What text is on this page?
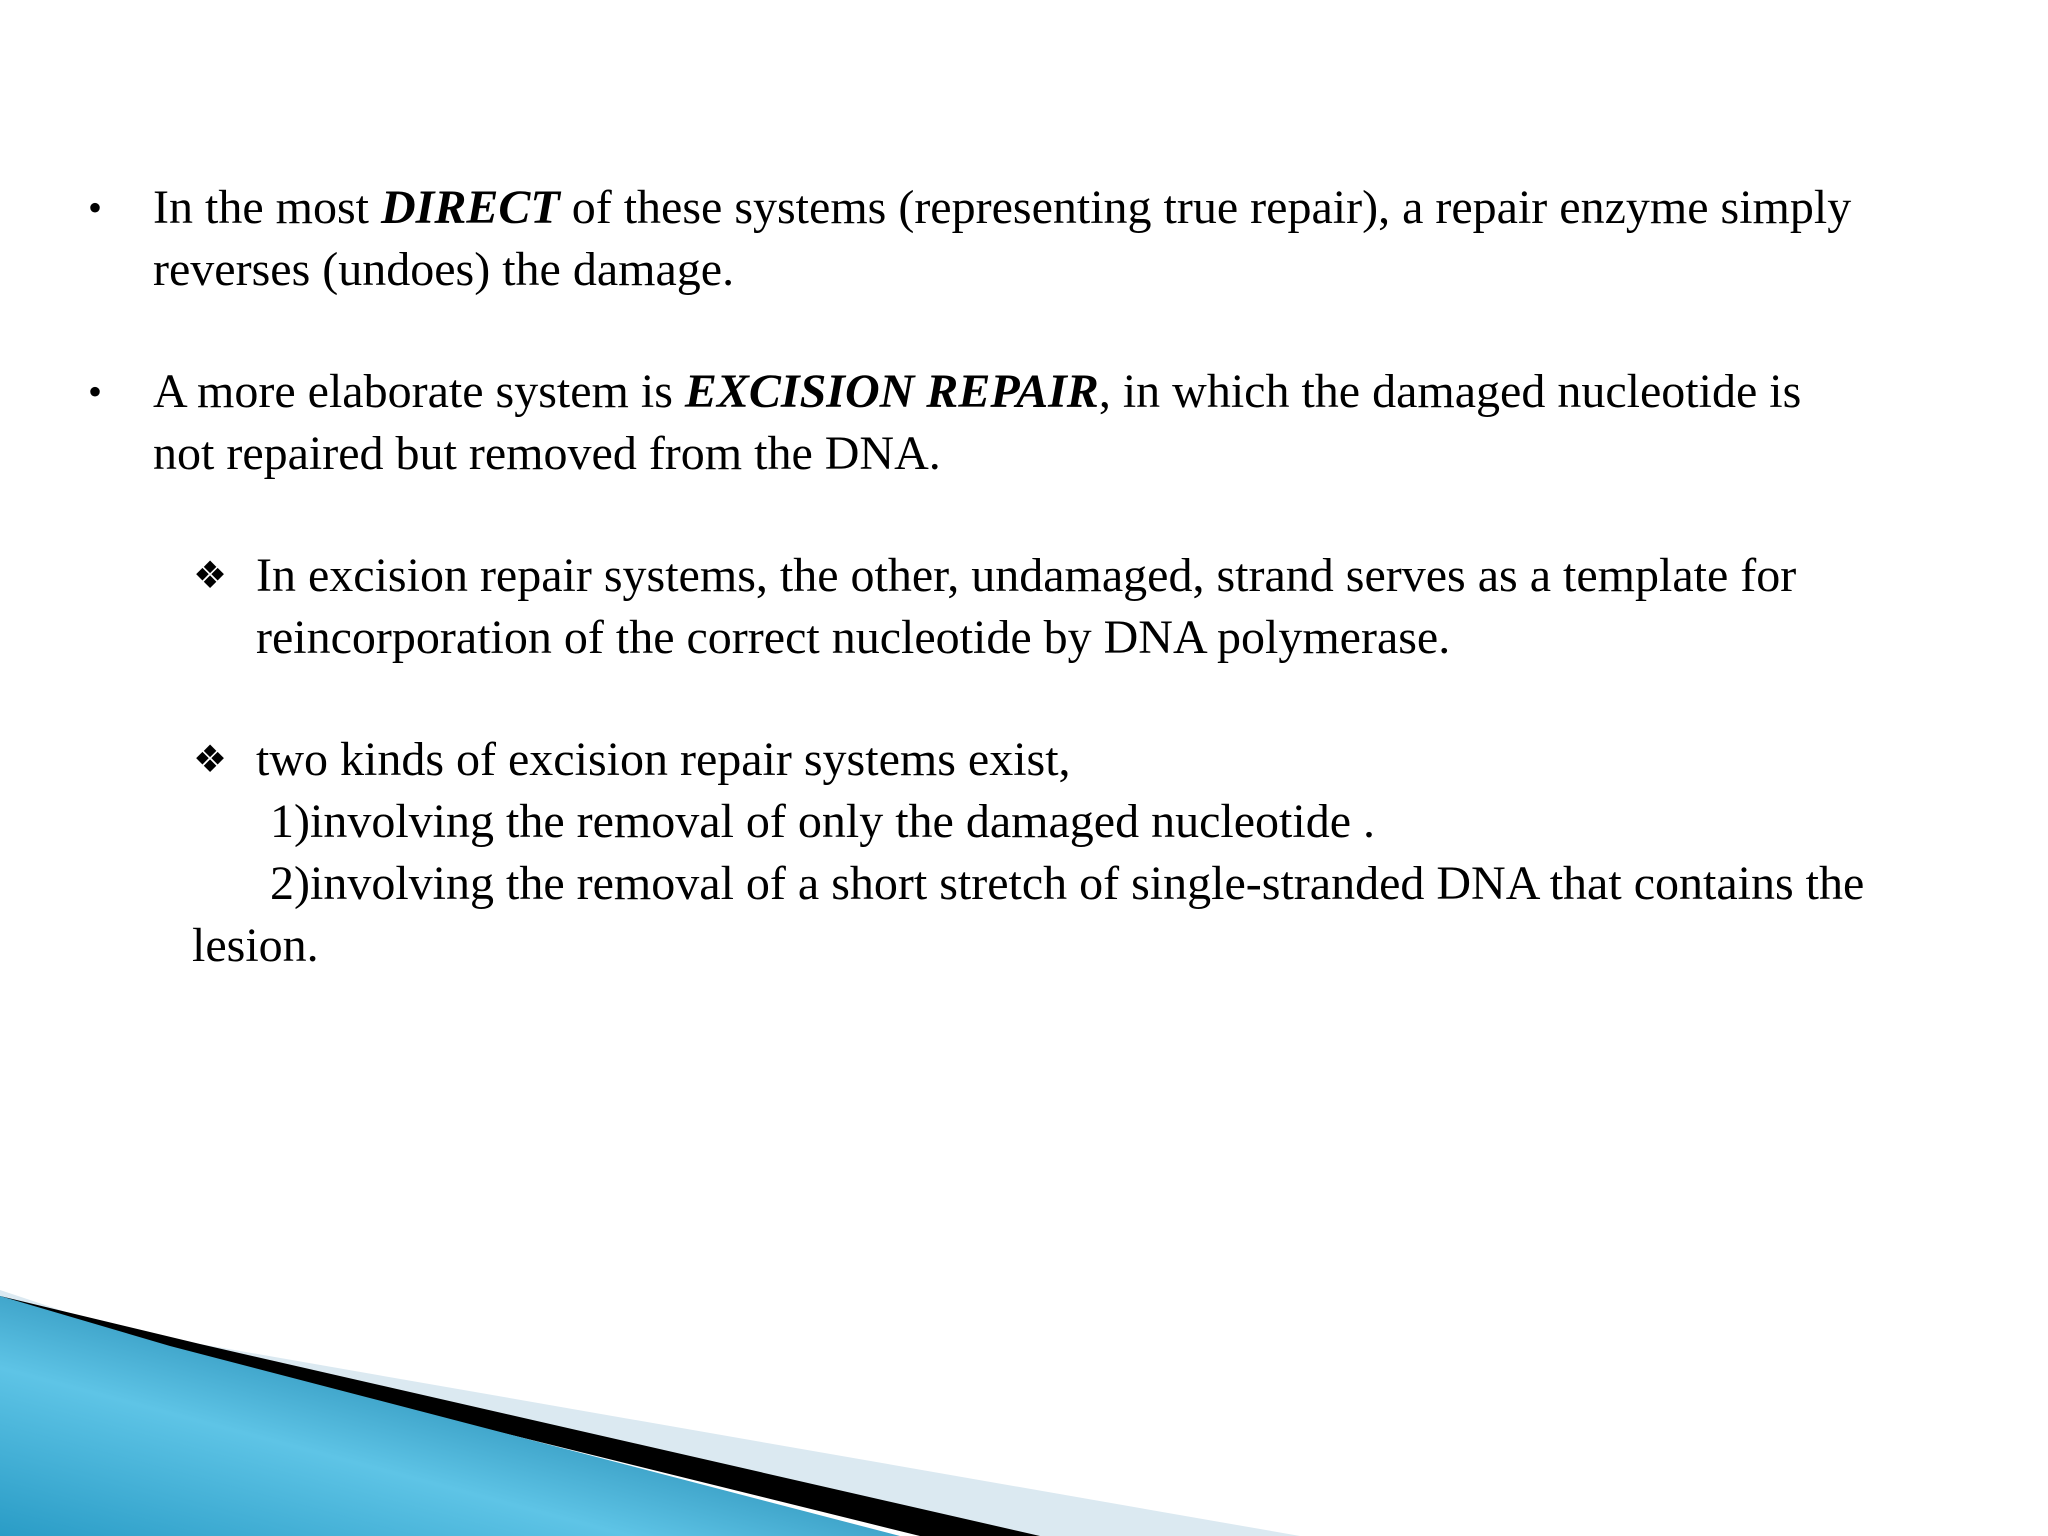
• In the most DIRECT of these systems (representing true repair), a repair enzyme simply
reverses (undoes) the damage.
• A more elaborate system is EXCISION REPAIR, in which the damaged nucleotide is
not repaired but removed from the DNA.
❖ In excision repair systems, the other, undamaged, strand serves as a template for
reincorporation of the correct nucleotide by DNA polymerase.
❖ two kinds of excision repair systems exist,
1)involving the removal of only the damaged nucleotide .
2)involving the removal of a short stretch of single-stranded DNA that contains the
lesion.
